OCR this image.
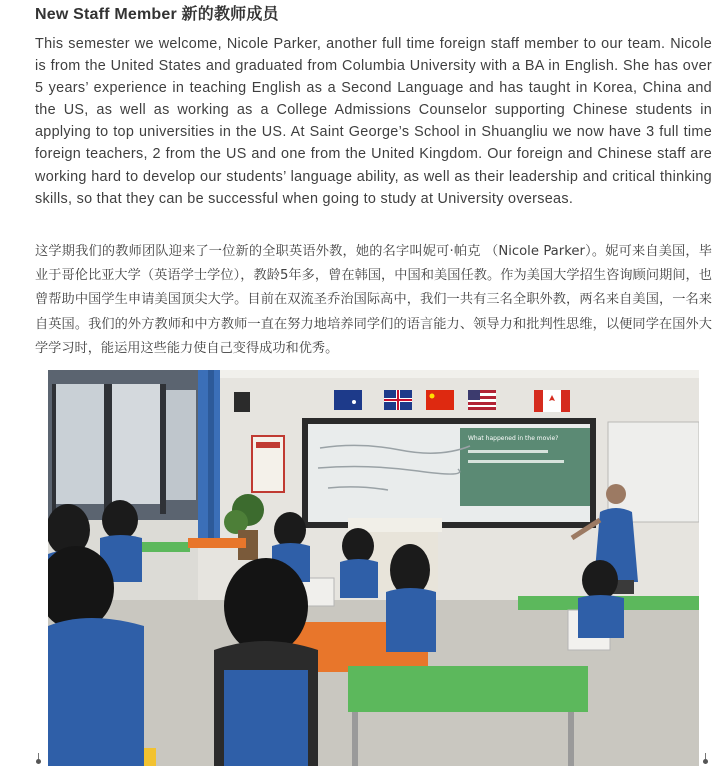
New Staff Member 新的教师成员

This semester we welcome, Nicole Parker, another full time foreign staff member to our team. Nicole is from the United States and graduated from Columbia University with a BA in English. She has over 5 years’ experience in teaching English as a Second Language and has taught in Korea, China and the US, as well as working as a College Admissions Counselor supporting Chinese students in applying to top universities in the US. At Saint George’s School in Shuangliu we now have 3 full time foreign teachers, 2 from the US and one from the United Kingdom. Our foreign and Chinese staff are working hard to develop our students’ language ability, as well as their leadership and critical thinking skills, so that they can be successful when going to study at University overseas.

这学期我们的教师团队迎来了一位新的全职英语外教，她的名字叫妮可·帕克 （Nicole Parker）。妮可来自美国，毕业于哥伦比亚大学（英语学士学位），教龄5年多，曾在韩国，中国和美国任教。作为美国大学招生咨询顾问期间，也曾帮助中国学生申请美国顶尖大学。目前在双流圣乔治国际高中，我们一共有三名全职外教，两名来自美国，一名来自英国。我们的外方教师和中方教师一直在努力地培养同学们的语言能力、领导力和批判性思维，以便同学在国外大学学习时，能运用这些能力使自己变得成功和优秀。

What happened in the movie?
